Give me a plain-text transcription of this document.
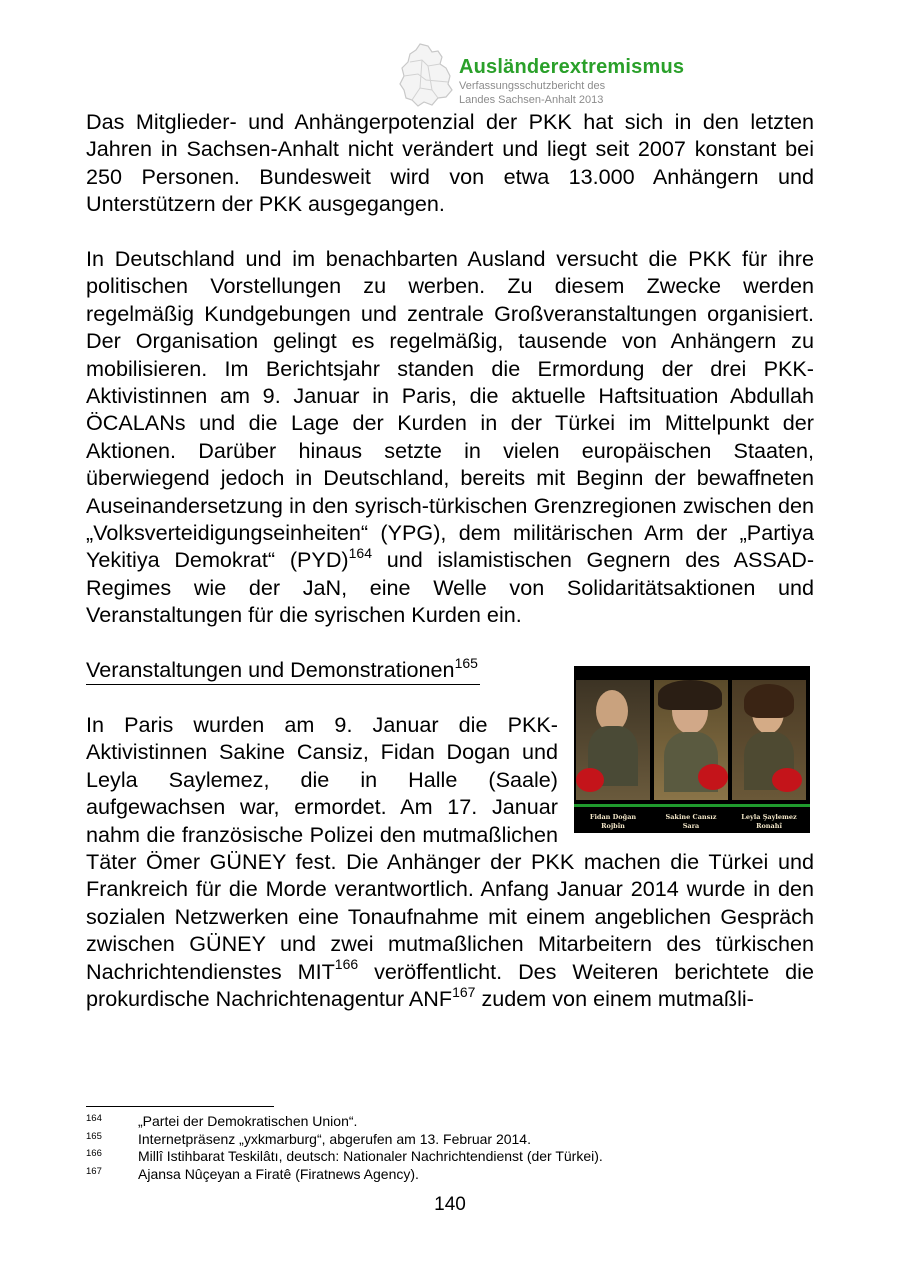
Ausländerextremismus
Verfassungsschutzbericht des
Landes Sachsen-Anhalt 2013

Das Mitglieder- und Anhängerpotenzial der PKK hat sich in den letzten Jahren in Sachsen-Anhalt nicht verändert und liegt seit 2007 konstant bei 250 Personen. Bundesweit wird von etwa 13.000 Anhängern und Unterstützern der PKK ausgegangen.

In Deutschland und im benachbarten Ausland versucht die PKK für ihre politischen Vorstellungen zu werben. Zu diesem Zwecke werden regelmäßig Kundgebungen und zentrale Großveranstaltungen organisiert. Der Organisation gelingt es regelmäßig, tausende von Anhängern zu mobilisieren. Im Berichtsjahr standen die Ermordung der drei PKK-Aktivistinnen am 9. Januar in Paris, die aktuelle Haftsituation Abdullah ÖCALANs und die Lage der Kurden in der Türkei im Mittelpunkt der Aktionen. Darüber hinaus setzte in vielen europäischen Staaten, überwiegend jedoch in Deutschland, bereits mit Beginn der bewaffneten Auseinandersetzung in den syrisch-türkischen Grenzregionen zwischen den „Volksverteidigungseinheiten“ (YPG), dem militärischen Arm der „Partiya Yekitiya Demokrat“ (PYD)$^{164}$ und islamistischen Gegnern des ASSAD-Regimes wie der JaN, eine Welle von Solidaritätsaktionen und Veranstaltungen für die syrischen Kurden ein.

Fidan Doğan
Rojbîn
Sakine Cansız
Sara
Leyla Şaylemez
Ronahî
Veranstaltungen und Demonstrationen$^{165}$

In Paris wurden am 9. Januar die PKK-Aktivistinnen Sakine Cansiz, Fidan Dogan und Leyla Saylemez, die in Halle (Saale) aufgewachsen war, ermordet. Am 17. Januar nahm die französische Polizei den mutmaßlichen Täter Ömer GÜNEY fest. Die Anhänger der PKK machen die Türkei und Frankreich für die Morde verantwortlich. Anfang Januar 2014 wurde in den sozialen Netzwerken eine Tonaufnahme mit einem angeblichen Gespräch zwischen GÜNEY und zwei mutmaßlichen Mitarbeitern des türkischen Nachrichtendienstes MIT$^{166}$ veröffentlicht. Des Weiteren berichtete die prokurdische Nachrichtenagentur ANF$^{167}$ zudem von einem mutmaßli-

164	„Partei der Demokratischen Union“.
165	Internetpräsenz „yxkmarburg“, abgerufen am 13. Februar 2014.
166	Millî Istihbarat Teskilâtı, deutsch: Nationaler Nachrichtendienst (der Türkei).
167	Ajansa Nûçeyan a Firatê (Firatnews Agency).
140
